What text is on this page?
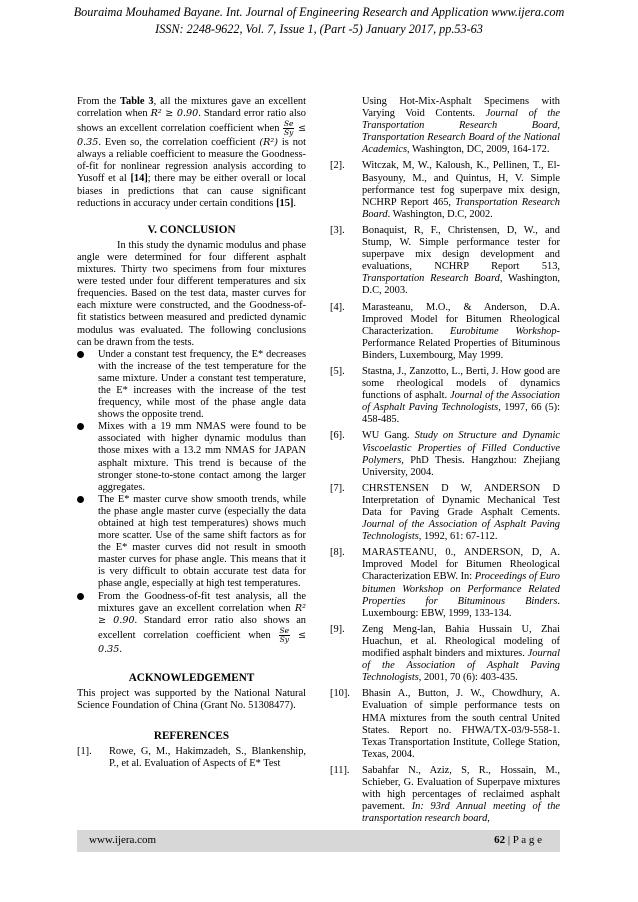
Bouraima Mouhamed Bayane. Int. Journal of Engineering Research and Application www.ijera.com
ISSN: 2248-9622, Vol. 7, Issue 1, (Part -5) January 2017, pp.53-63

From the Table 3, all the mixtures gave an excellent correlation when R² ≥ 0.90. Standard error ratio also shows an excellent correlation coefficient when $\frac{Se}{Sy} \le 0.35$. Even so, the correlation coefficient (R²) is not always a reliable coefficient to measure the Goodness-of-fit for nonlinear regression analysis according to Yusoff et al [14]; there may be either overall or local biases in predictions that can cause significant reductions in accuracy under certain conditions [15].

V. CONCLUSION

In this study the dynamic modulus and phase angle were determined for four different asphalt mixtures. Thirty two specimens from four mixtures were tested under four different temperatures and six frequencies. Based on the test data, master curves for each mixture were constructed, and the Goodness-of-fit statistics between measured and predicted dynamic modulus was evaluated. The following conclusions can be drawn from the tests.

Under a constant test frequency, the E* decreases with the increase of the test temperature for the same mixture. Under a constant test temperature, the E* increases with the increase of the test frequency, while most of the phase angle data shows the opposite trend.
Mixes with a 19 mm NMAS were found to be associated with higher dynamic modulus than those mixes with a 13.2 mm NMAS for JAPAN asphalt mixture. This trend is because of the stronger stone-to-stone contact among the larger aggregates.
The E* master curve show smooth trends, while the phase angle master curve (especially the data obtained at high test temperatures) shows much more scatter. Use of the same shift factors as for the E* master curves did not result in smooth master curves for phase angle. This means that it is very difficult to obtain accurate test data for phase angle, especially at high test temperatures.
From the Goodness-of-fit test analysis, all the mixtures gave an excellent correlation when R² ≥ 0.90. Standard error ratio also shows an excellent correlation coefficient when $\frac{Se}{Sy} \le 0.35$.
ACKNOWLEDGEMENT

This project was supported by the National Natural Science Foundation of China (Grant No. 51308477).

REFERENCES
[1]. Rowe, G, M., Hakimzadeh, S., Blankenship, P., et al. Evaluation of Aspects of E* Test
Using Hot-Mix-Asphalt Specimens with Varying Void Contents. Journal of the Transportation Research Board, Transportation Research Board of the National Academics, Washington, DC, 2009, 164-172.
[2]. Witczak, M, W., Kaloush, K., Pellinen, T., El-Basyouny, M., and Quintus, H, V. Simple performance test fog superpave mix design, NCHRP Report 465, Transportation Research Board. Washington, D.C, 2002.
[3]. Bonaquist, R, F., Christensen, D, W., and Stump, W. Simple performance tester for superpave mix design development and evaluations, NCHRP Report 513, Transportation Research Board, Washington, D.C, 2003.
[4]. Marasteanu, M.O., & Anderson, D.A. Improved Model for Bitumen Rheological Characterization. Eurobitume Workshop-Performance Related Properties of Bituminous Binders, Luxembourg, May 1999.
[5]. Stastna, J., Zanzotto, L., Berti, J. How good are some rheological models of dynamics functions of asphalt. Journal of the Association of Asphalt Paving Technologists, 1997, 66 (5): 458-485.
[6]. WU Gang. Study on Structure and Dynamic Viscoelastic Properties of Filled Conductive Polymers, PhD Thesis. Hangzhou: Zhejiang University, 2004.
[7]. CHRSTENSEN D W, ANDERSON D Interpretation of Dynamic Mechanical Test Data for Paving Grade Asphalt Cements. Journal of the Association of Asphalt Paving Technologists, 1992, 61: 67-112.
[8]. MARASTEANU, 0., ANDERSON, D, A. Improved Model for Bitumen Rheological Characterization EBW. In: Proceedings of Euro bitumen Workshop on Performance Related Properties for Bituminous Binders. Luxembourg: EBW, 1999, 133-134.
[9]. Zeng Meng-lan, Bahia Hussain U, Zhai Huachun, et al. Rheological modeling of modified asphalt binders and mixtures. Journal of the Association of Asphalt Paving Technologists, 2001, 70 (6): 403-435.
[10]. Bhasin A., Button, J. W., Chowdhury, A. Evaluation of simple performance tests on HMA mixtures from the south central United States. Report no. FHWA/TX-03/9-558-1. Texas Transportation Institute, College Station, Texas, 2004.
[11]. Sabahfar N., Aziz, S, R., Hossain, M., Schieber, G. Evaluation of Superpave mixtures with high percentages of reclaimed asphalt pavement. In: 93rd Annual meeting of the transportation research board,
www.ijera.com	62 | P a g e
